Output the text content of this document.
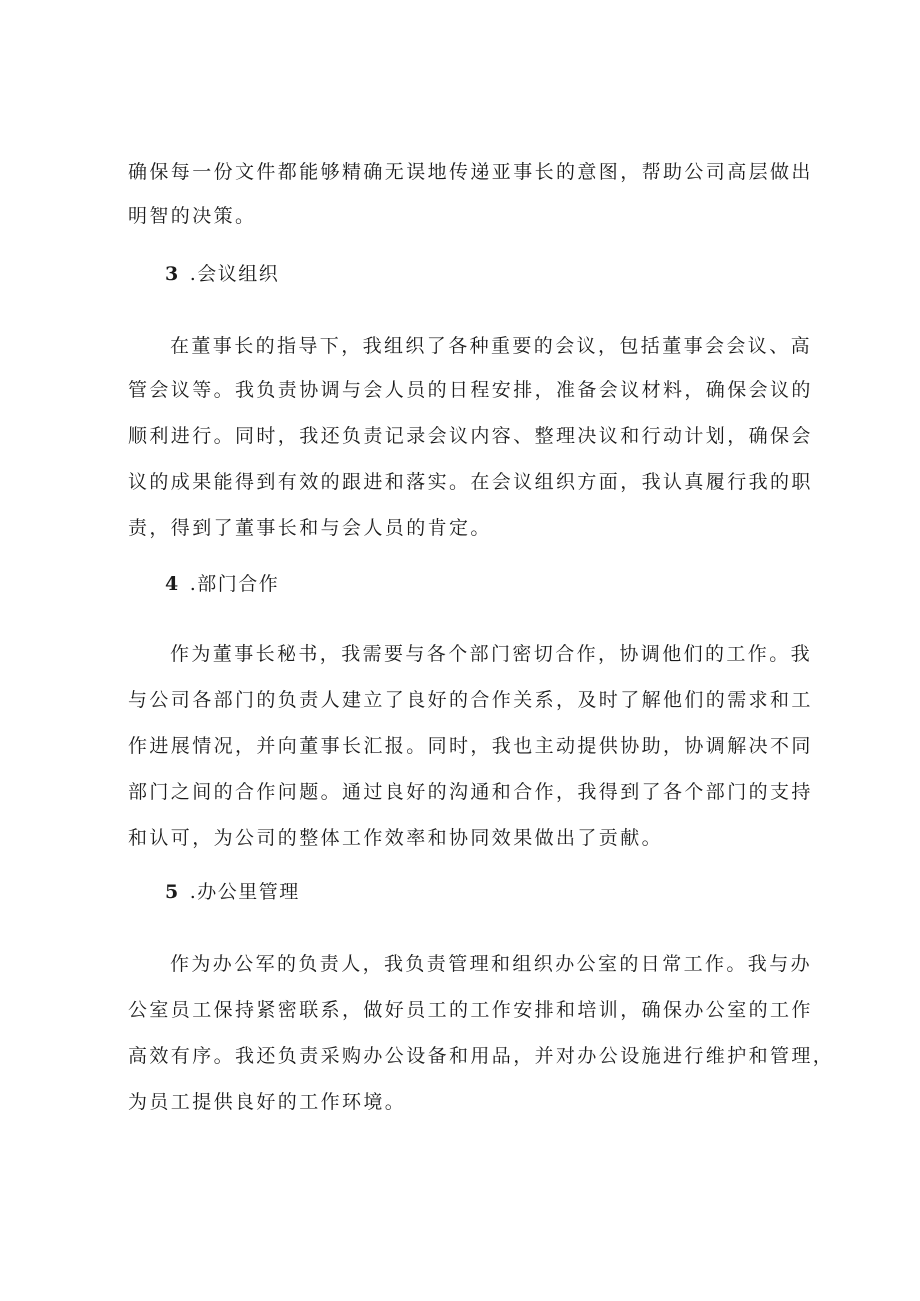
确保每一份文件都能够精确无误地传递亚事长的意图，帮助公司高层做出

明智的决策。

3 .会议组织

在董事长的指导下，我组织了各种重要的会议，包括董事会会议、高

管会议等。我负责协调与会人员的日程安排，准备会议材料，确保会议的

顺利进行。同时，我还负责记录会议内容、整理决议和行动计划，确保会

议的成果能得到有效的跟进和落实。在会议组织方面，我认真履行我的职

责，得到了董事长和与会人员的肯定。

4 .部门合作

作为董事长秘书，我需要与各个部门密切合作，协调他们的工作。我

与公司各部门的负责人建立了良好的合作关系，及时了解他们的需求和工

作进展情况，并向董事长汇报。同时，我也主动提供协助，协调解决不同

部门之间的合作问题。通过良好的沟通和合作，我得到了各个部门的支持

和认可，为公司的整体工作效率和协同效果做出了贡献。

5 .办公里管理

作为办公军的负责人，我负责管理和组织办公室的日常工作。我与办

公室员工保持紧密联系，做好员工的工作安排和培训，确保办公室的工作

高效有序。我还负责采购办公设备和用品，并对办公设施进行维护和管理，

为员工提供良好的工作环境。
